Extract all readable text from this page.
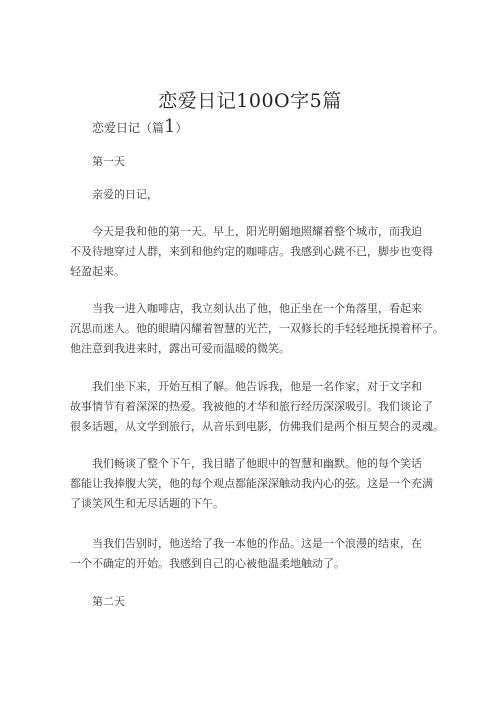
恋爱日记100O字5篇
恋爱日记（篇1）
第一天
亲爱的日记，
今天是我和他的第一天。早上，阳光明媚地照耀着整个城市，而我迫
不及待地穿过人群，来到和他约定的咖啡店。我感到心跳不已，脚步也变得
轻盈起来。
当我一进入咖啡店，我立刻认出了他，他正坐在一个角落里，看起来
沉思而迷人。他的眼睛闪耀着智慧的光芒，一双修长的手轻轻地抚摸着杯子。
他注意到我进来时，露出可爱而温暖的微笑。
我们坐下来，开始互相了解。他告诉我，他是一名作家，对于文字和
故事情节有着深深的热爱。我被他的才华和旅行经历深深吸引。我们谈论了
很多话题，从文学到旅行，从音乐到电影，仿佛我们是两个相互契合的灵魂。
我们畅谈了整个下午，我目睹了他眼中的智慧和幽默。他的每个笑话
都能让我捧腹大笑，他的每个观点都能深深触动我内心的弦。这是一个充满
了谈笑风生和无尽话题的下午。
当我们告别时，他送给了我一本他的作品。这是一个浪漫的结束，在
一个不确定的开始。我感到自己的心被他温柔地触动了。
第二天
